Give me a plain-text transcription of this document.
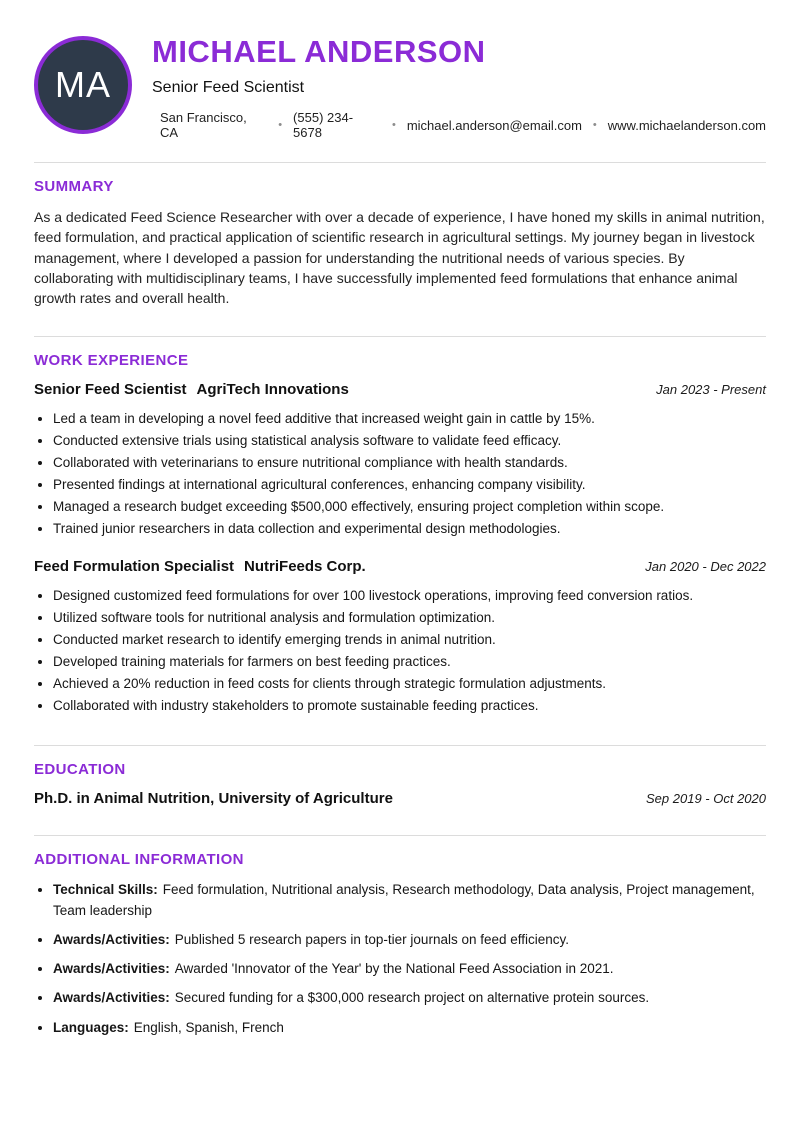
MA
MICHAEL ANDERSON
Senior Feed Scientist
San Francisco, CA	• (555) 234-5678	• michael.anderson@email.com • www.michaelanderson.com
SUMMARY

As a dedicated Feed Science Researcher with over a decade of experience, I have honed my skills in animal nutrition, feed formulation, and practical application of scientific research in agricultural settings. My journey began in livestock management, where I developed a passion for understanding the nutritional needs of various species. By collaborating with multidisciplinary teams, I have successfully implemented feed formulations that enhance animal growth rates and overall health.

WORK EXPERIENCE
Senior Feed Scientist AgriTech Innovations	Jan 2023 - Present
• Led a team in developing a novel feed additive that increased weight gain in cattle by 15%.
• Conducted extensive trials using statistical analysis software to validate feed efficacy.
• Collaborated with veterinarians to ensure nutritional compliance with health standards.
• Presented findings at international agricultural conferences, enhancing company visibility.
• Managed a research budget exceeding $500,000 effectively, ensuring project completion within scope.
• Trained junior researchers in data collection and experimental design methodologies.
Feed Formulation Specialist NutriFeeds Corp.	Jan 2020 - Dec 2022
• Designed customized feed formulations for over 100 livestock operations, improving feed conversion ratios.
• Utilized software tools for nutritional analysis and formulation optimization.
• Conducted market research to identify emerging trends in animal nutrition.
• Developed training materials for farmers on best feeding practices.
• Achieved a 20% reduction in feed costs for clients through strategic formulation adjustments.
• Collaborated with industry stakeholders to promote sustainable feeding practices.
EDUCATION
Ph.D. in Animal Nutrition, University of Agriculture	Sep 2019 - Oct 2020
ADDITIONAL INFORMATION
• Technical Skills: Feed formulation, Nutritional analysis, Research methodology, Data analysis, Project management, Team leadership
• Awards/Activities: Published 5 research papers in top-tier journals on feed efficiency.
• Awards/Activities: Awarded 'Innovator of the Year' by the National Feed Association in 2021.
• Awards/Activities: Secured funding for a $300,000 research project on alternative protein sources.
• Languages: English, Spanish, French
